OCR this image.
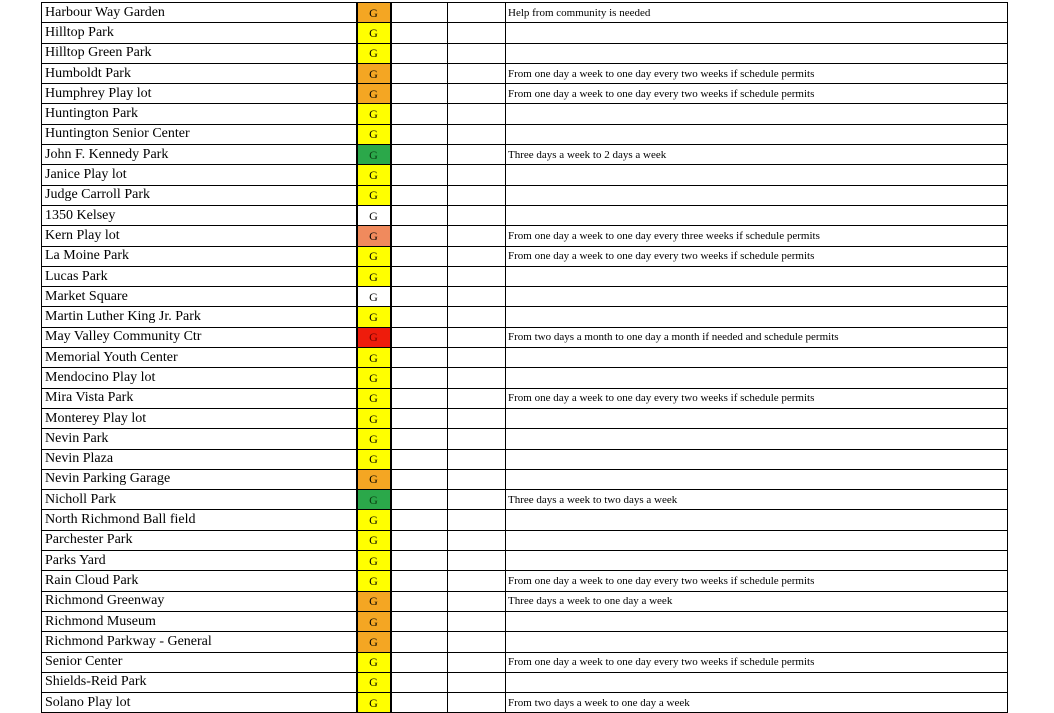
Harbour Way Garden	G			Help from community is needed
Hilltop Park	G			
Hilltop Green Park	G			
Humboldt Park	G			From one day a week to one day every two weeks if schedule permits
Humphrey Play lot	G			From one day a week to one day every two weeks if schedule permits
Huntington Park	G			
Huntington Senior Center	G			
John F. Kennedy Park	G			Three days a week to 2 days a week
Janice Play lot	G			
Judge Carroll Park	G			
1350 Kelsey	G			
Kern Play lot	G			From one day a week to one day every three weeks if schedule permits
La Moine Park	G			From one day a week to one day every two weeks if schedule permits
Lucas Park	G			
Market Square	G			
Martin Luther King Jr. Park	G			
May Valley Community Ctr	G			From two days a month to one day a month if needed and schedule permits
Memorial Youth Center	G			
Mendocino Play lot	G			
Mira Vista Park	G			From one day a week to one day every two weeks if schedule permits
Monterey Play lot	G			
Nevin Park	G			
Nevin Plaza	G			
Nevin Parking Garage	G			
Nicholl Park	G			Three days a week to two days a week
North Richmond Ball field	G			
Parchester Park	G			
Parks Yard	G			
Rain Cloud Park	G			From one day a week to one day every two weeks if schedule permits
Richmond Greenway	G			Three days a week to one day a week
Richmond Museum	G			
Richmond Parkway - General	G			
Senior Center	G			From one day a week to one day every two weeks if schedule permits
Shields-Reid Park	G			
Solano Play lot	G			From two days a week to one day a week
